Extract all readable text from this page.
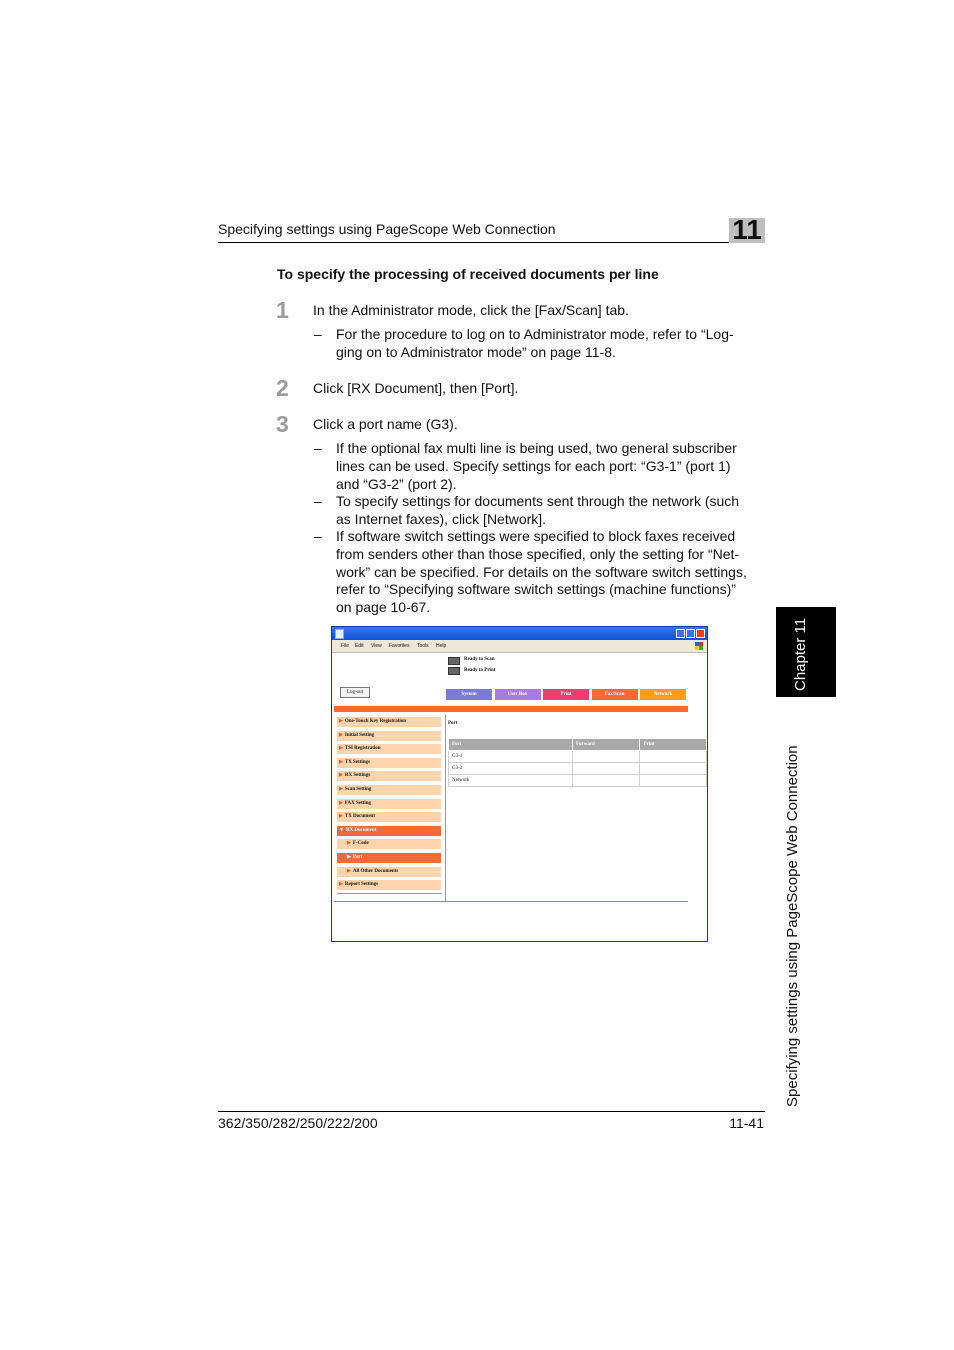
Specifying settings using PageScope Web Connection	11
Chapter 11
Specifying settings using PageScope Web Connection
To specify the processing of received documents per line
1 In the Administrator mode, click the [Fax/Scan] tab.
– For the procedure to log on to Administrator mode, refer to “Log-
ging on to Administrator mode” on page 11-8.
2 Click [RX Document], then [Port].
3 Click a port name (G3).
– If the optional fax multi line is being used, two general subscriber
lines can be used. Specify settings for each port: “G3-1” (port 1)
and “G3-2” (port 2).
– To specify settings for documents sent through the network (such
as Internet faxes), click [Network].
– If software switch settings were specified to block faxes received
from senders other than those specified, only the setting for “Net-
work” can be specified. For details on the software switch settings,
refer to “Specifying software switch settings (machine functions)”
on page 10-67.
File Edit View Favorites Tools Help
Ready to Scan
Ready to Print
Log-out	System	User Box	Print	Fax/Scan	Network
▶ One-Touch Key Registration
▶ Initial Setting
▶ TSI Registration
▶ TX Settings
▶ RX Settings
▶ Scan Setting
▶ FAX Setting
▶ TX Document
▼ RX Document
▶ F-Code
▶ Port
▶ All Other Documents
▶ Report Settings
Port
Port	Forward	Print
G3-1		
G3-2		
Network		
362/350/282/250/222/200	11-41
